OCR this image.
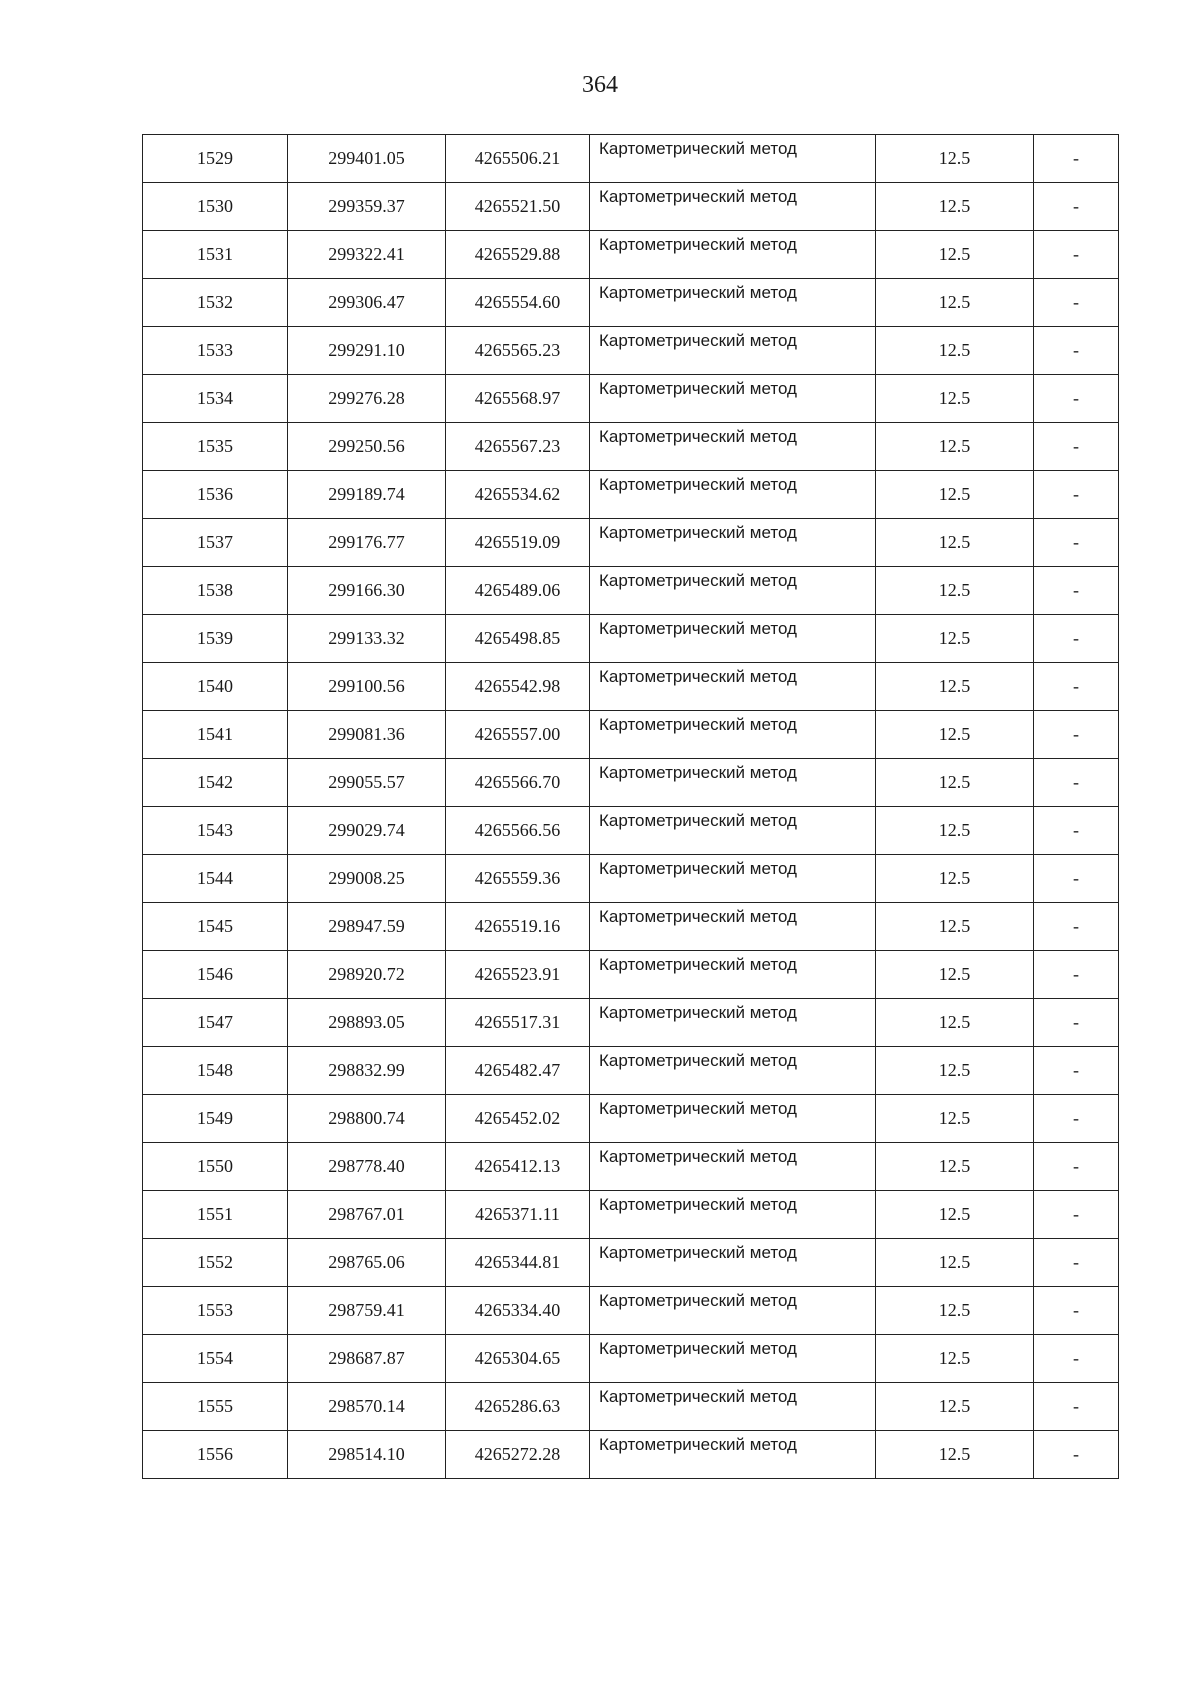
364
1529	299401.05	4265506.21	Картометрический метод	12.5	-
1530	299359.37	4265521.50	Картометрический метод	12.5	-
1531	299322.41	4265529.88	Картометрический метод	12.5	-
1532	299306.47	4265554.60	Картометрический метод	12.5	-
1533	299291.10	4265565.23	Картометрический метод	12.5	-
1534	299276.28	4265568.97	Картометрический метод	12.5	-
1535	299250.56	4265567.23	Картометрический метод	12.5	-
1536	299189.74	4265534.62	Картометрический метод	12.5	-
1537	299176.77	4265519.09	Картометрический метод	12.5	-
1538	299166.30	4265489.06	Картометрический метод	12.5	-
1539	299133.32	4265498.85	Картометрический метод	12.5	-
1540	299100.56	4265542.98	Картометрический метод	12.5	-
1541	299081.36	4265557.00	Картометрический метод	12.5	-
1542	299055.57	4265566.70	Картометрический метод	12.5	-
1543	299029.74	4265566.56	Картометрический метод	12.5	-
1544	299008.25	4265559.36	Картометрический метод	12.5	-
1545	298947.59	4265519.16	Картометрический метод	12.5	-
1546	298920.72	4265523.91	Картометрический метод	12.5	-
1547	298893.05	4265517.31	Картометрический метод	12.5	-
1548	298832.99	4265482.47	Картометрический метод	12.5	-
1549	298800.74	4265452.02	Картометрический метод	12.5	-
1550	298778.40	4265412.13	Картометрический метод	12.5	-
1551	298767.01	4265371.11	Картометрический метод	12.5	-
1552	298765.06	4265344.81	Картометрический метод	12.5	-
1553	298759.41	4265334.40	Картометрический метод	12.5	-
1554	298687.87	4265304.65	Картометрический метод	12.5	-
1555	298570.14	4265286.63	Картометрический метод	12.5	-
1556	298514.10	4265272.28	Картометрический метод	12.5	-
